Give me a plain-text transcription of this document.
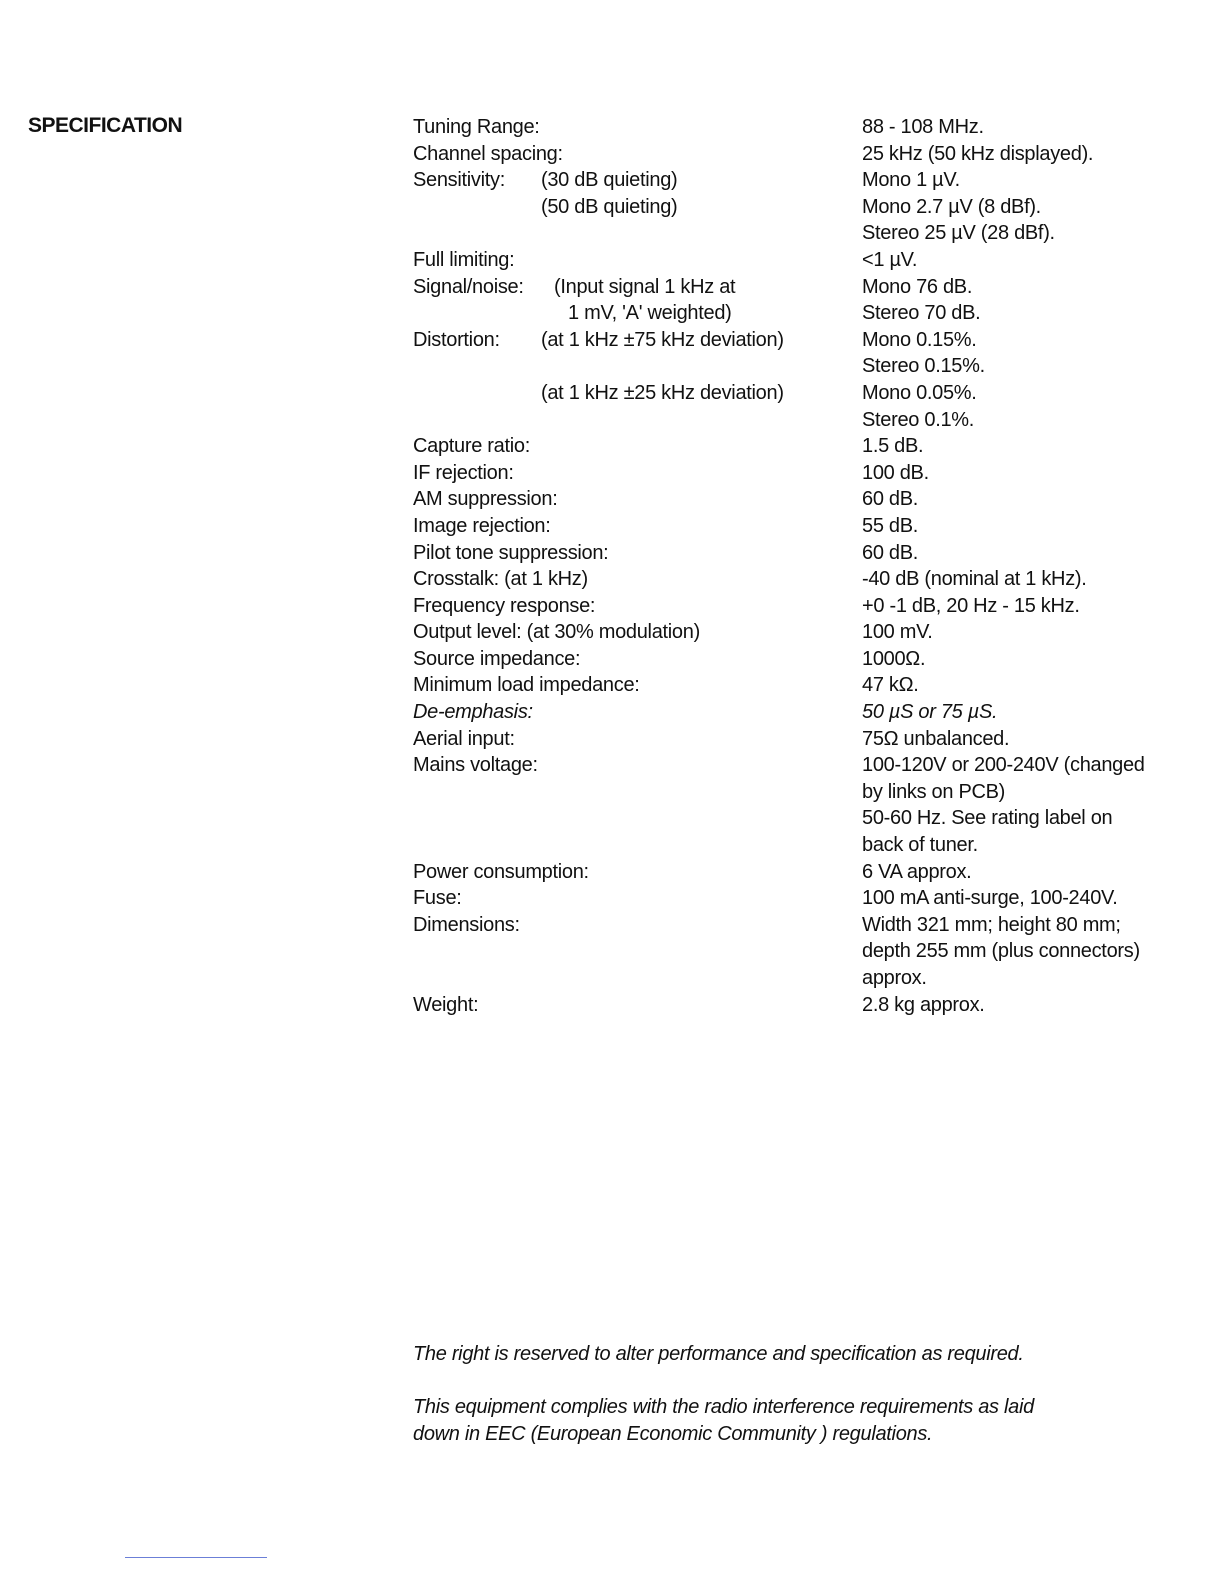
SPECIFICATION	Tuning Range:	88 - 108 MHz.
Channel spacing:	25 kHz (50 kHz displayed).
Sensitivity: (30 dB quieting)	Mono 1 µV.
(50 dB quieting)	Mono 2.7 µV (8 dBf).
Stereo 25 µV (28 dBf).
Full limiting:	<1 µV.
Signal/noise: (Input signal 1 kHz at	Mono 76 dB.
1 mV, 'A' weighted)	Stereo 70 dB.
Distortion: (at 1 kHz ±75 kHz deviation)	Mono 0.15%.
Stereo 0.15%.
(at 1 kHz ±25 kHz deviation)	Mono 0.05%.
Stereo 0.1%.
Capture ratio:	1.5 dB.
IF rejection:	100 dB.
AM suppression:	60 dB.
Image rejection:	55 dB.
Pilot tone suppression:	60 dB.
Crosstalk: (at 1 kHz)	-40 dB (nominal at 1 kHz).
Frequency response:	+0 -1 dB, 20 Hz - 15 kHz.
Output level: (at 30% modulation)	100 mV.
Source impedance:	1000Ω.
Minimum load impedance:	47 kΩ.
De-emphasis:	50 µS or 75 µS.
Aerial input:	75Ω unbalanced.
Mains voltage:	100-120V or 200-240V (changed
by links on PCB)
50-60 Hz. See rating label on
back of tuner.
Power consumption:	6 VA approx.
Fuse:	100 mA anti-surge, 100-240V.
Dimensions:	Width 321 mm; height 80 mm;
depth 255 mm (plus connectors)
approx.
Weight:	2.8 kg approx.
The right is reserved to alter performance and specification as required.
This equipment complies with the radio interference requirements as laid
down in EEC (European Economic Community ) regulations.
